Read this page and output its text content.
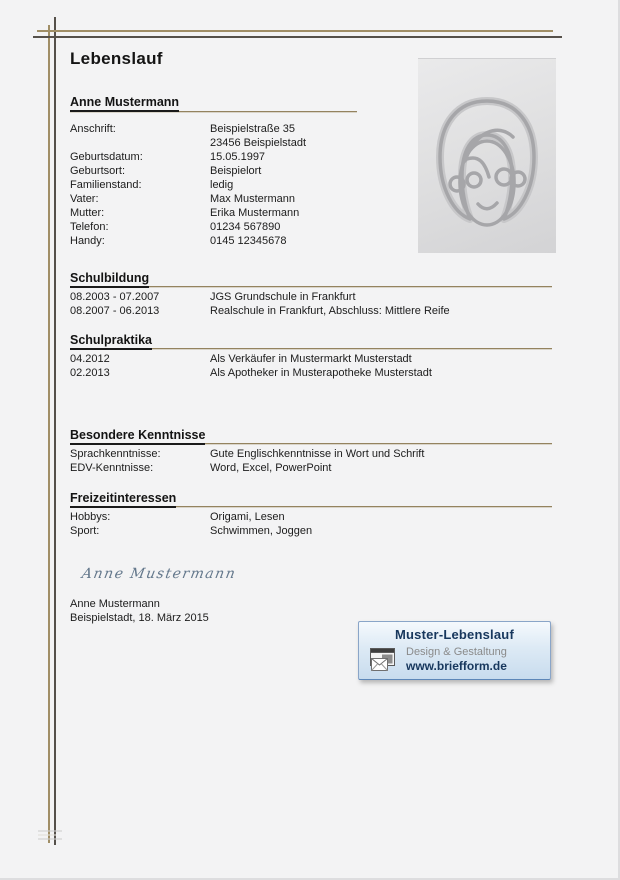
Lebenslauf
Anne Mustermann
Anschrift:	Beispielstraße 35
23456 Beispielstadt
Geburtsdatum:	15.05.1997
Geburtsort:	Beispielort
Familienstand:	ledig
Vater:	Max Mustermann
Mutter:	Erika Mustermann
Telefon:	01234 567890
Handy:	0145 12345678
Schulbildung
08.2003 - 07.2007	JGS Grundschule in Frankfurt
08.2007 - 06.2013	Realschule in Frankfurt, Abschluss: Mittlere Reife
Schulpraktika
04.2012	Als Verkäufer in Mustermarkt Musterstadt
02.2013	Als Apotheker in Musterapotheke Musterstadt
Besondere Kenntnisse
Sprachkenntnisse:	Gute Englischkenntnisse in Wort und Schrift
EDV-Kenntnisse:	Word, Excel, PowerPoint
Freizeitinteressen
Hobbys:	Origami, Lesen
Sport:	Schwimmen, Joggen
Anne Mustermann
Anne Mustermann
Beispielstadt, 18. März 2015
Muster-Lebenslauf
Design & Gestaltung
www.briefform.de
